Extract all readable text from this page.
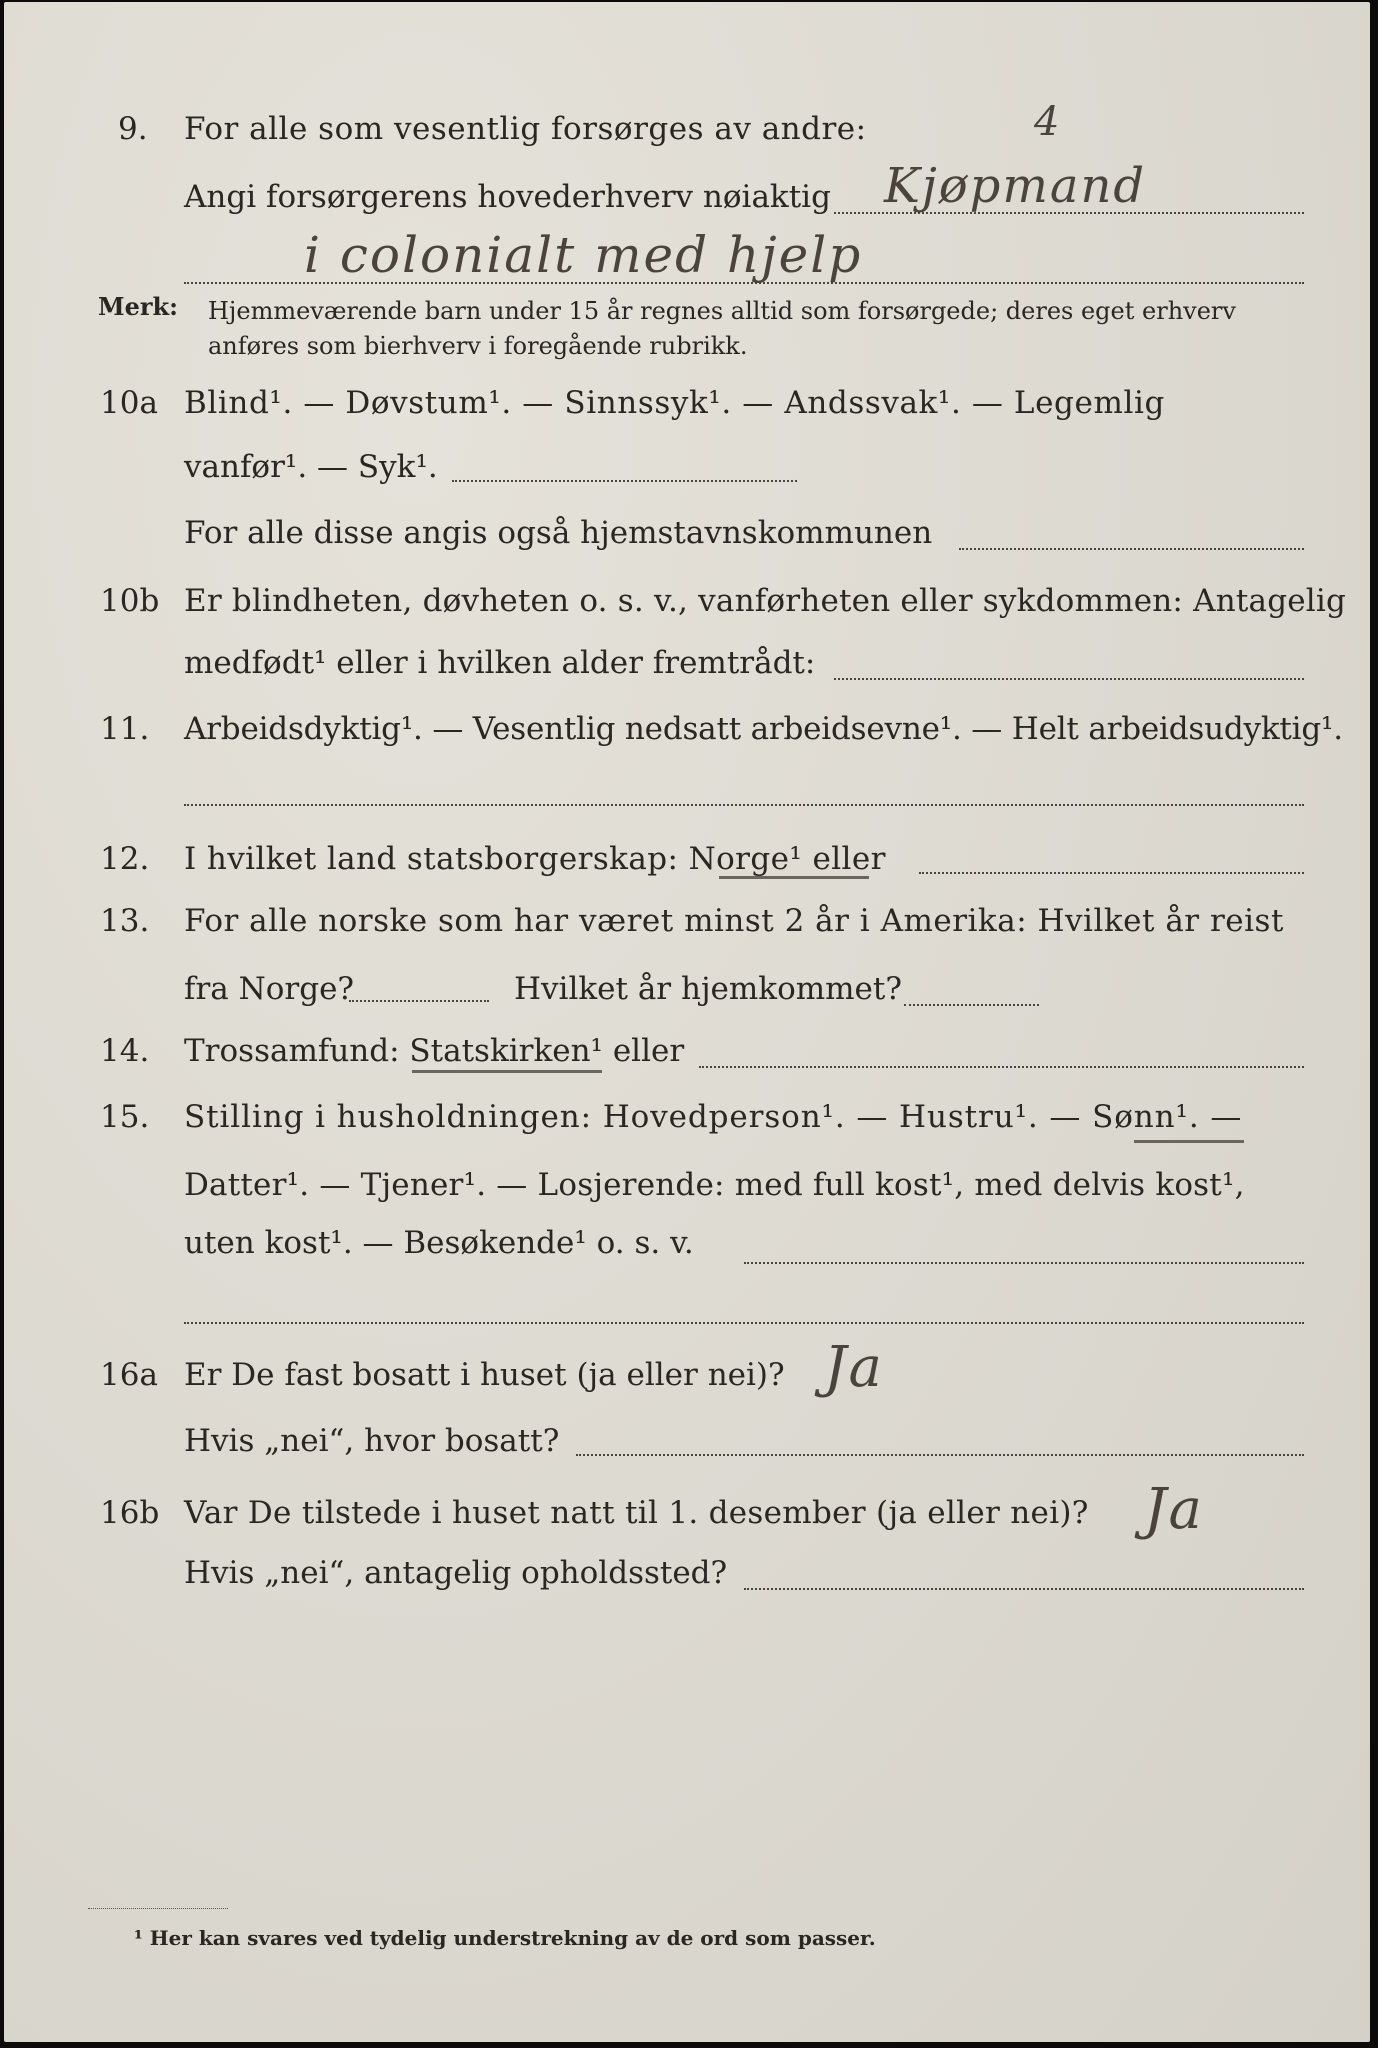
9. For alle som vesentlig forsørges av andre:	4
Angi forsørgerens hovederhverv nøiaktig Kjøpmand
i colonialt med hjelp
Merk: Hjemmeværende barn under 15 år regnes alltid som forsørgede; deres eget erhverv
anføres som bierhverv i foregående rubrikk.
10a Blind¹. — Døvstum¹. — Sinnssyk¹. — Andssvak¹. — Legemlig
vanfør¹. — Syk¹.
For alle disse angis også hjemstavnskommunen
10b Er blindheten, døvheten o. s. v., vanførheten eller sykdommen: Antagelig
medfødt¹ eller i hvilken alder fremtrådt:
11. Arbeidsdyktig¹. — Vesentlig nedsatt arbeidsevne¹. — Helt arbeidsudyktig¹.
12. I hvilket land statsborgerskap: Norge¹ eller
13. For alle norske som har været minst 2 år i Amerika: Hvilket år reist
fra Norge?	Hvilket år hjemkommet?
14. Trossamfund: Statskirken¹ eller
15. Stilling i husholdningen: Hovedperson¹. — Hustru¹. — Sønn¹. —
Datter¹. — Tjener¹. — Losjerende: med full kost¹, med delvis kost¹,
uten kost¹. — Besøkende¹ o. s. v.
16a Er De fast bosatt i huset (ja eller nei)? Ja
Hvis „nei“, hvor bosatt?
16b Var De tilstede i huset natt til 1. desember (ja eller nei)? Ja
Hvis „nei“, antagelig opholdssted?
¹ Her kan svares ved tydelig understrekning av de ord som passer.
